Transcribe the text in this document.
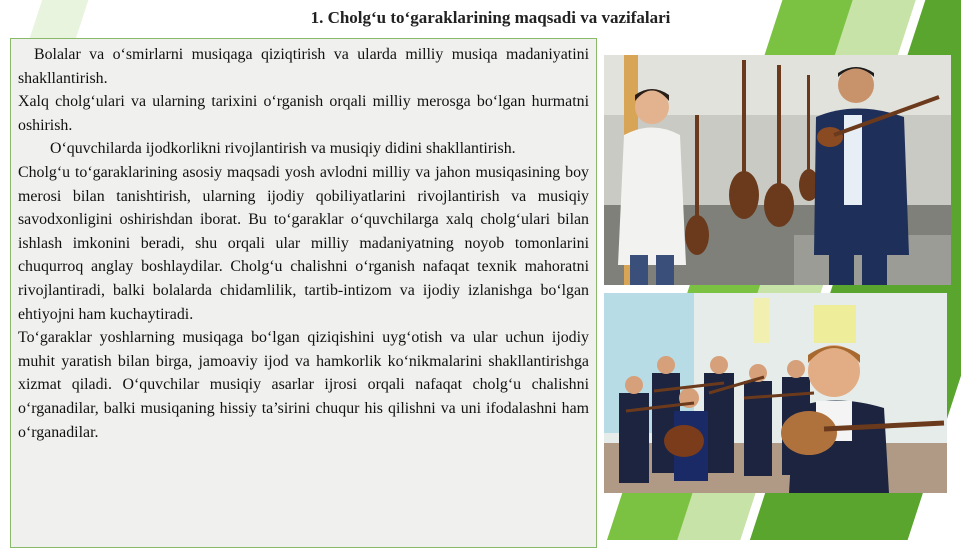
1. Cholg‘u to‘garaklarining maqsadi va vazifalari

Bolalar va o‘smirlarni musiqaga qiziqtirish va ularda milliy musiqa madaniyatini shakllantirish.

Xalq cholg‘ulari va ularning tarixini o‘rganish orqali milliy merosga bo‘lgan hurmatni oshirish.

O‘quvchilarda ijodkorlikni rivojlantirish va musiqiy didini shakllantirish.

Cholg‘u to‘garaklarining asosiy maqsadi yosh avlodni milliy va jahon musiqasining boy merosi bilan tanishtirish, ularning ijodiy qobiliyatlarini rivojlantirish va musiqiy savodxonligini oshirishdan iborat. Bu to‘garaklar o‘quvchilarga xalq cholg‘ulari bilan ishlash imkonini beradi, shu orqali ular milliy madaniyatning noyob tomonlarini chuqurroq anglay boshlaydilar. Cholg‘u chalishni o‘rganish nafaqat texnik mahoratni rivojlantiradi, balki bolalarda chidamlilik, tartib-intizom va ijodiy izlanishga bo‘lgan ehtiyojni ham kuchaytiradi.

To‘garaklar yoshlarning musiqaga bo‘lgan qiziqishini uyg‘otish va ular uchun ijodiy muhit yaratish bilan birga, jamoaviy ijod va hamkorlik ko‘nikmalarini shakllantirishga xizmat qiladi. O‘quvchilar musiqiy asarlar ijrosi orqali nafaqat cholg‘u chalishni o‘rganadilar, balki musiqaning hissiy ta’sirini chuqur his qilishni va uni ifodalashni ham o‘rganadilar.
